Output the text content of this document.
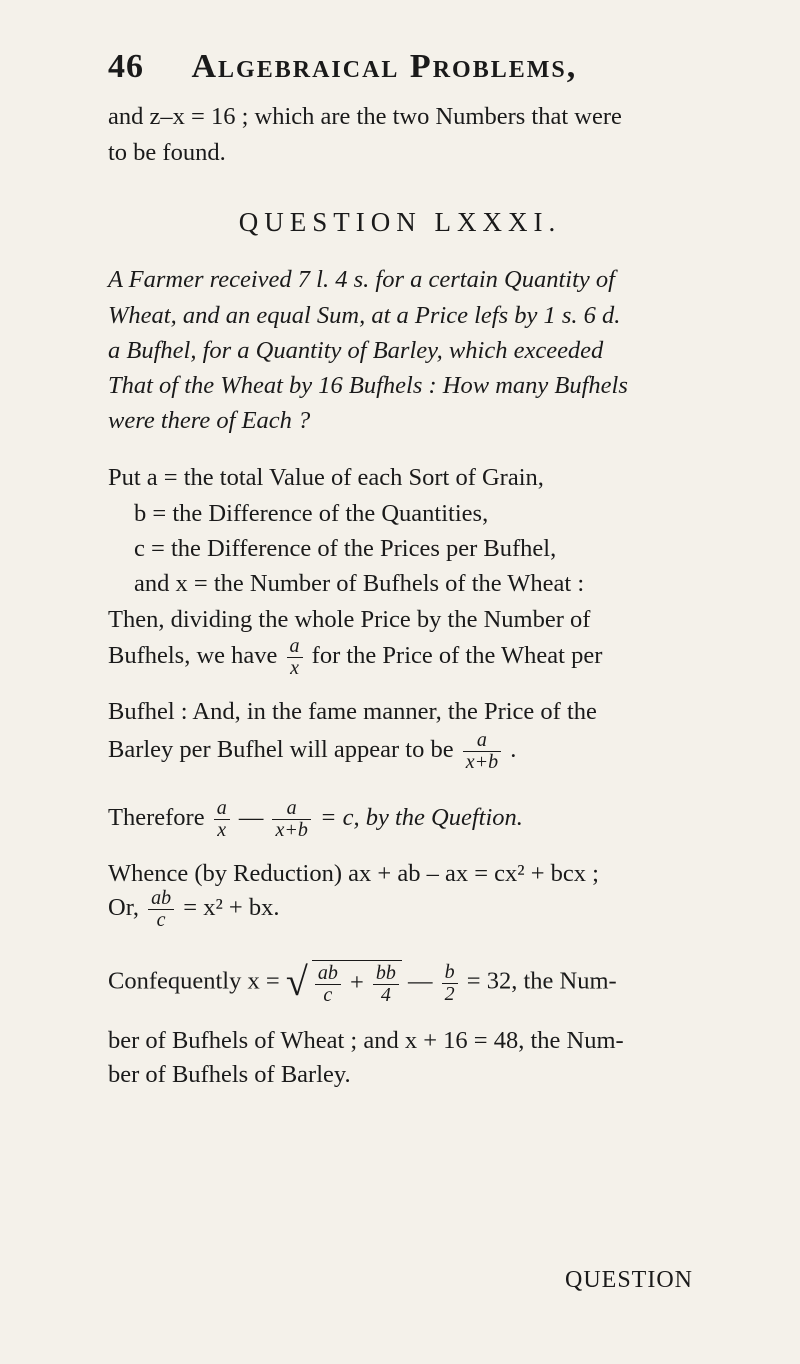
46 Algebraical Problems,
and z–x = 16 ; which are the two Numbers that were
to be found.
QUESTION LXXXI.
A Farmer received 7 l. 4 s. for a certain Quantity of
Wheat, and an equal Sum, at a Price lefs by 1 s. 6 d.
a Bufhel, for a Quantity of Barley, which exceeded
That of the Wheat by 16 Bufhels : How many Bufhels
were there of Each ?
Put a = the total Value of each Sort of Grain,
b = the Difference of the Quantities,
c = the Difference of the Prices per Bufhel,
and x = the Number of Bufhels of the Wheat :
Then, dividing the whole Price by the Number of
Bufhels, we have $\frac{a}{x}$ for the Price of the Wheat per
Bufhel : And, in the fame manner, the Price of the
Barley per Bufhel will appear to be $\frac{a}{x+b}$ .
Therefore $\frac{a}{x}$ — $\frac{a}{x+b} = c$, by the Queftion.
Whence (by Reduction) ax + ab – ax = cx² + bcx ;
Or, $\frac{ab}{c} = x^2$ + bx.
Confequently x = √ $\frac{ab}{c} + \frac{bb}{4}$ — $\frac{b}{2} = 32$, the Num-
ber of Bufhels of Wheat ; and x + 16 = 48, the Num-
ber of Bufhels of Barley.
QUESTION
